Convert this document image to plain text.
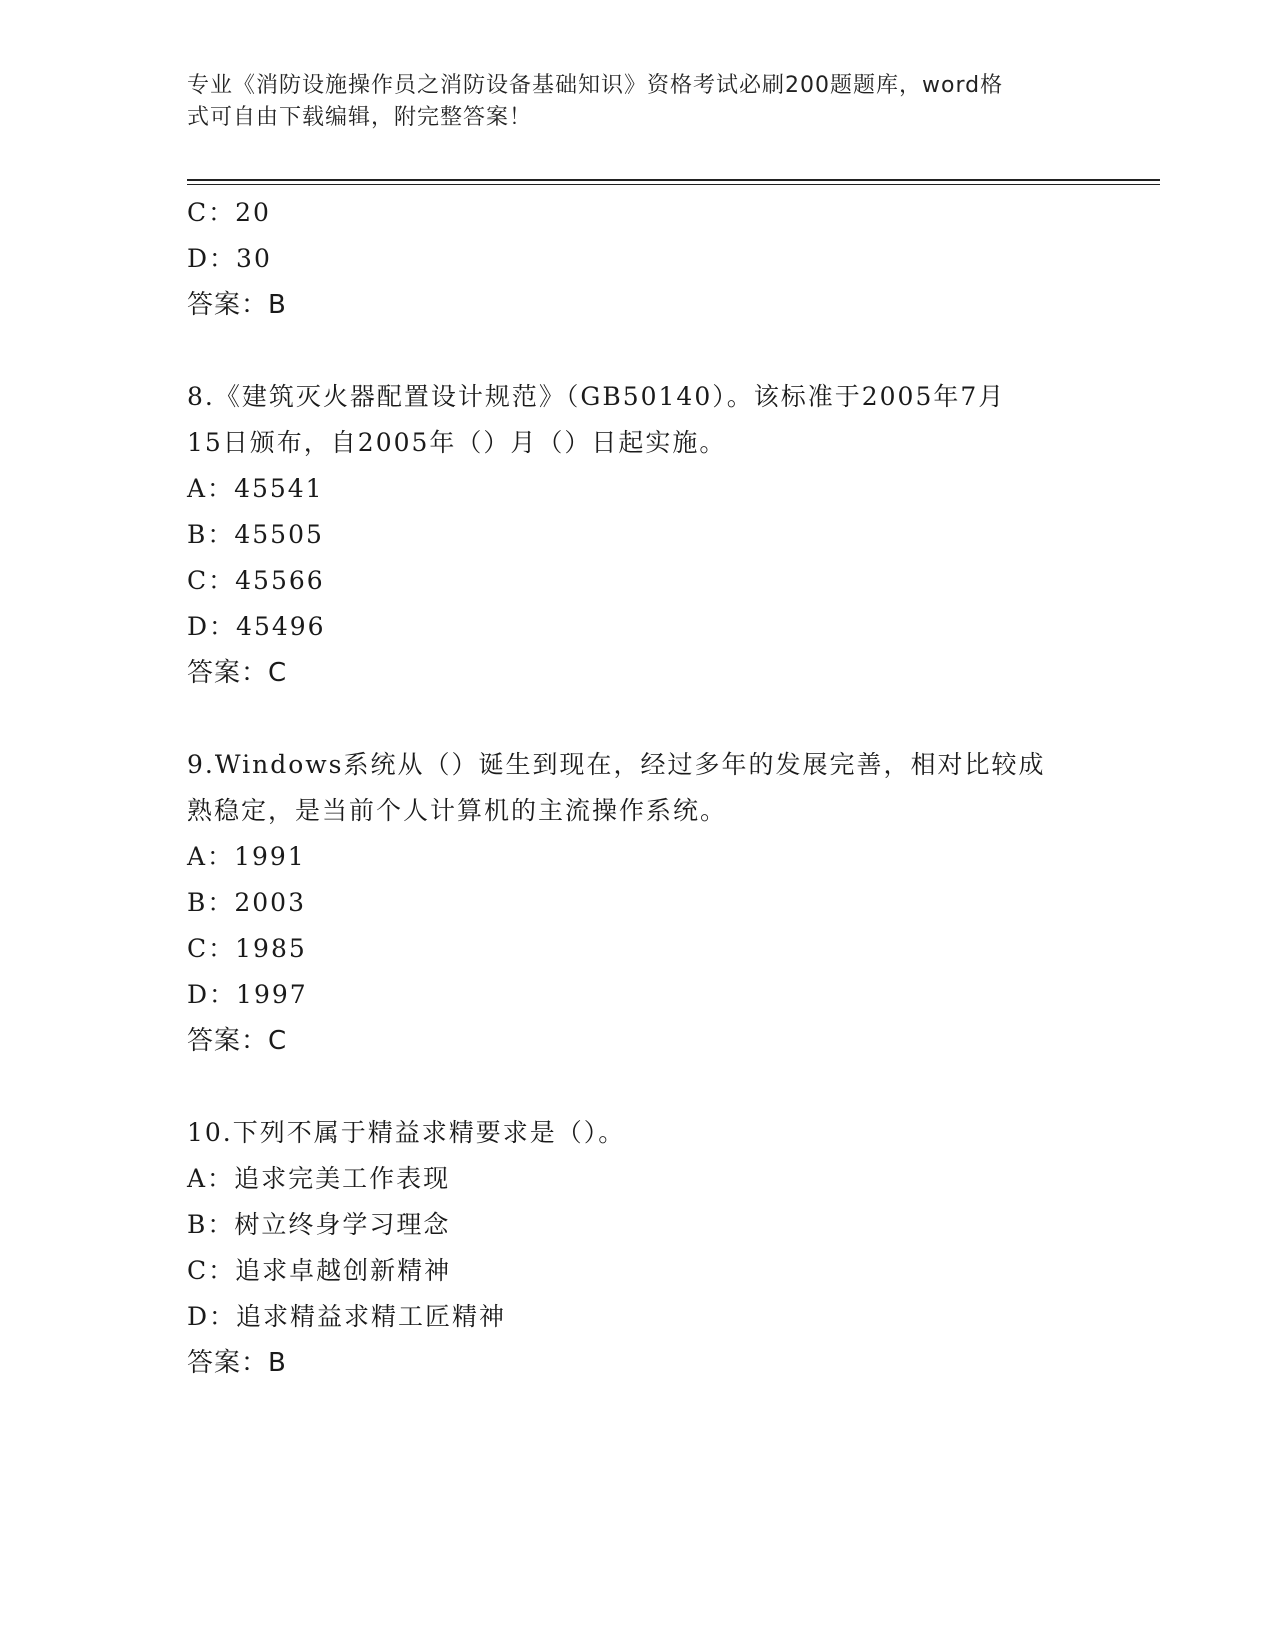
专业《消防设施操作员之消防设备基础知识》资格考试必刷200题题库，word格
式可自由下载编辑，附完整答案！
C：20
D：30
答案：B
8.《建筑灭火器配置设计规范》（GB50140）。该标准于2005年7月
15日颁布，自2005年（）月（）日起实施。
A：45541
B：45505
C：45566
D：45496
答案：C
9.Windows系统从（）诞生到现在，经过多年的发展完善，相对比较成
熟稳定，是当前个人计算机的主流操作系统。
A：1991
B：2003
C：1985
D：1997
答案：C
10.下列不属于精益求精要求是（）。
A：追求完美工作表现
B：树立终身学习理念
C：追求卓越创新精神
D：追求精益求精工匠精神
答案：B
